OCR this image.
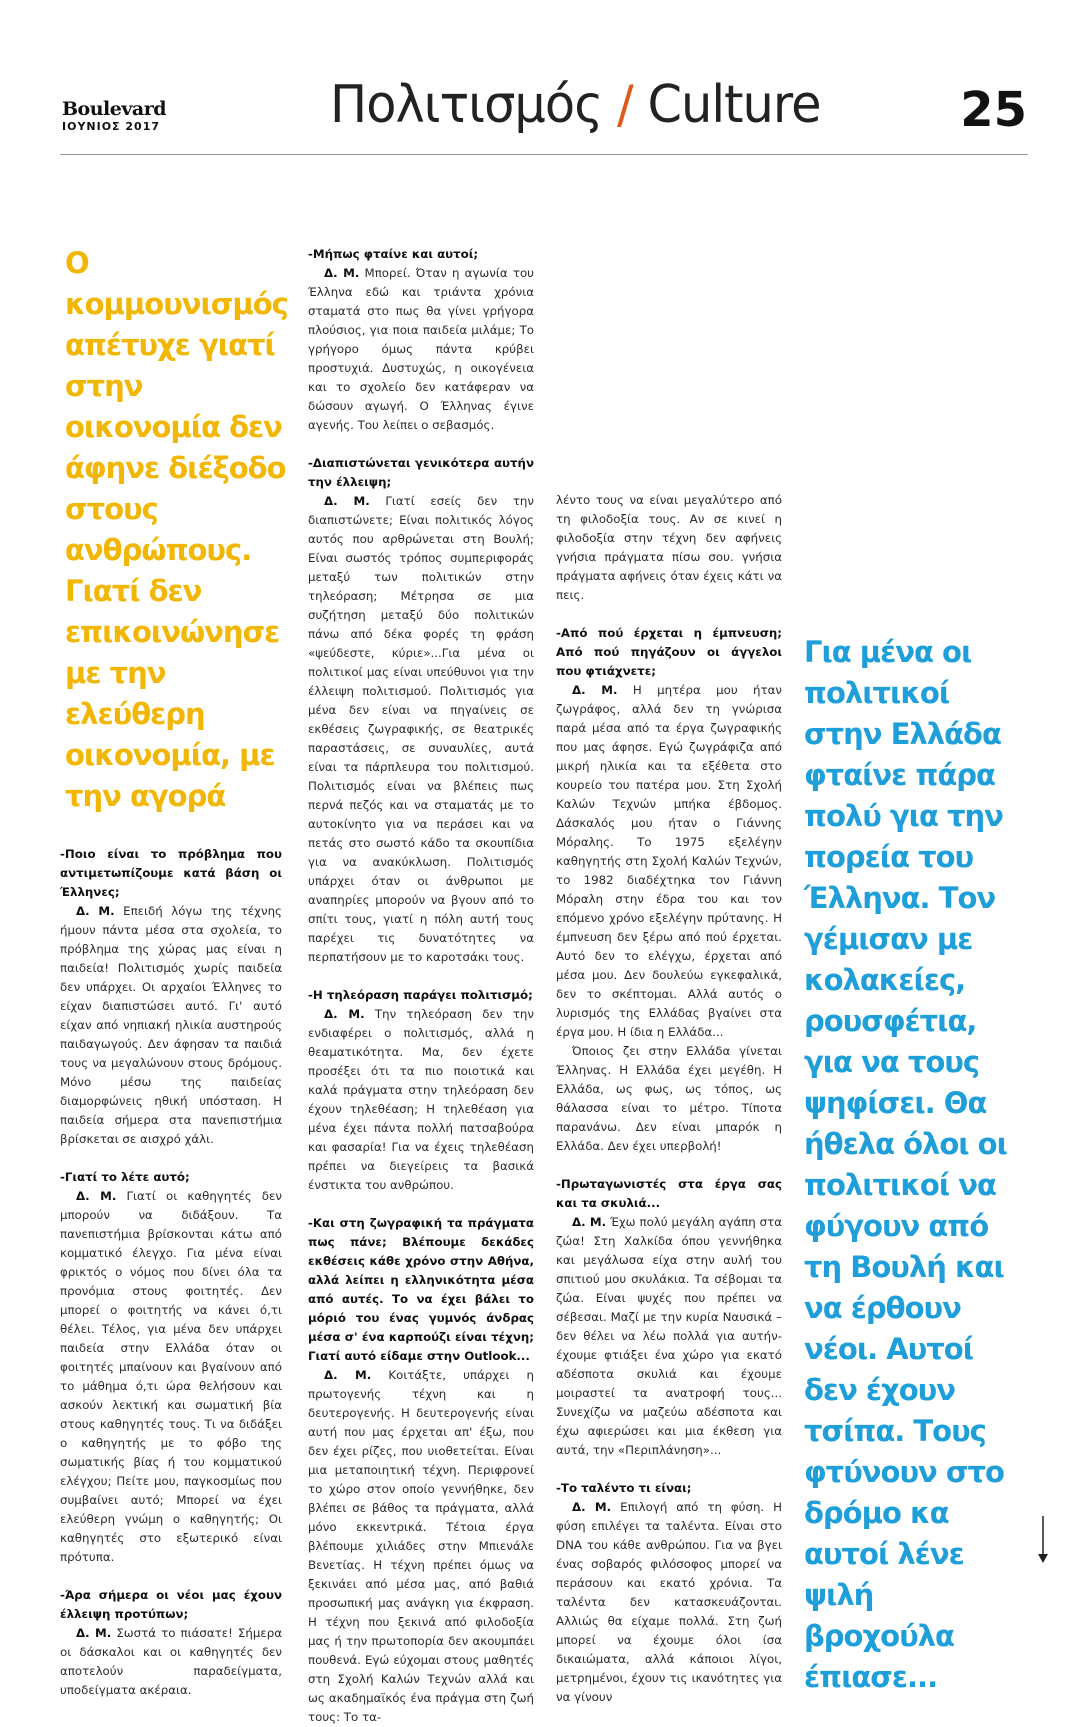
Boulevard
ΙΟΥΝΙΟΣ 2017	Πολιτισμός / Culture	25
Ο κομμουνισμός απέτυχε γιατί στην οικονομία δεν άφηνε διέξοδο στους ανθρώπους. Γιατί δεν επικοινώνησε με την ελεύθερη οικονομία, με την αγορά
Για μένα οι πολιτικοί στην Ελλάδα φταίνε πάρα πολύ για την πορεία του Έλληνα. Τον γέμισαν με κολακείες, ρουσφέτια, για να τους ψηφίσει. Θα ήθελα όλοι οι πολιτικοί να φύγουν από τη Βουλή και να έρθουν νέοι. Αυτοί δεν έχουν τσίπα. Τους φτύνουν στο δρόμο κα αυτοί λένε ψιλή βροχούλα έπιασε...

-Ποιο είναι το πρόβλημα που αντιμετωπίζουμε κατά βάση οι Έλληνες;

Δ. Μ. Επειδή λόγω της τέχνης ήμουν πάντα μέσα στα σχολεία, το πρόβλημα της χώρας μας είναι η παιδεία! Πολιτισμός χωρίς παιδεία δεν υπάρχει. Οι αρχαίοι Έλληνες το είχαν διαπιστώσει αυτό. Γι' αυτό είχαν από νηπιακή ηλικία αυστηρούς παιδαγωγούς. Δεν άφησαν τα παιδιά τους να μεγαλώνουν στους δρόμους. Μόνο μέσω της παιδείας διαμορφώνεις ηθική υπόσταση. Η παιδεία σήμερα στα πανεπιστήμια βρίσκεται σε αισχρό χάλι.

-Γιατί το λέτε αυτό;

Δ. Μ. Γιατί οι καθηγητές δεν μπορούν να διδάξουν. Τα πανεπιστήμια βρίσκονται κάτω από κομματικό έλεγχο. Για μένα είναι φρικτός ο νόμος που δίνει όλα τα προνόμια στους φοιτητές. Δεν μπορεί ο φοιτητής να κάνει ό,τι θέλει. Τέλος, για μένα δεν υπάρχει παιδεία στην Ελλάδα όταν οι φοιτητές μπαίνουν και βγαίνουν από το μάθημα ό,τι ώρα θελήσουν και ασκούν λεκτική και σωματική βία στους καθηγητές τους. Τι να διδάξει ο καθηγητής με το φόβο της σωματικής βίας ή του κομματικού ελέγχου; Πείτε μου, παγκοσμίως που συμβαίνει αυτό; Μπορεί να έχει ελεύθερη γνώμη ο καθηγητής; Οι καθηγητές στο εξωτερικό είναι πρότυπα.

-Άρα σήμερα οι νέοι μας έχουν έλλειψη προτύπων;

Δ. Μ. Σωστά το πιάσατε! Σήμερα οι δάσκαλοι και οι καθηγητές δεν αποτελούν παραδείγματα, υποδείγματα ακέραια.

-Μήπως φταίνε και αυτοί;

Δ. Μ. Μπορεί. Όταν η αγωνία του Έλληνα εδώ και τριάντα χρόνια σταματά στο πως θα γίνει γρήγορα πλούσιος, για ποια παιδεία μιλάμε; Το γρήγορο όμως πάντα κρύβει προστυχιά. Δυστυχώς, η οικογένεια και το σχολείο δεν κατάφεραν να δώσουν αγωγή. Ο Έλληνας έγινε αγενής. Του λείπει ο σεβασμός.

-Διαπιστώνεται γενικότερα αυτήν την έλλειψη;

Δ. Μ. Γιατί εσείς δεν την διαπιστώνετε; Είναι πολιτικός λόγος αυτός που αρθρώνεται στη Βουλή; Είναι σωστός τρόπος συμπεριφοράς μεταξύ των πολιτικών στην τηλεόραση; Μέτρησα σε μια συζήτηση μεταξύ δύο πολιτικών πάνω από δέκα φορές τη φράση «ψεύδεστε, κύριε»...Για μένα οι πολιτικοί μας είναι υπεύθυνοι για την έλλειψη πολιτισμού. Πολιτισμός για μένα δεν είναι να πηγαίνεις σε εκθέσεις ζωγραφικής, σε θεατρικές παραστάσεις, σε συναυλίες, αυτά είναι τα πάρπλευρα του πολιτισμού. Πολιτισμός είναι να βλέπεις πως περνά πεζός και να σταματάς με το αυτοκίνητο για να περάσει και να πετάς στο σωστό κάδο τα σκουπίδια για να ανακύκλωση. Πολιτισμός υπάρχει όταν οι άνθρωποι με αναπηρίες μπορούν να βγουν από το σπίτι τους, γιατί η πόλη αυτή τους παρέχει τις δυνατότητες να περπατήσουν με το καροτσάκι τους.

-Η τηλεόραση παράγει πολιτισμό;

Δ. Μ. Την τηλεόραση δεν την ενδιαφέρει ο πολιτισμός, αλλά η θεαματικότητα. Μα, δεν έχετε προσέξει ότι τα πιο ποιοτικά και καλά πράγματα στην τηλεόραση δεν έχουν τηλεθέαση; Η τηλεθέαση για μένα έχει πάντα πολλή πατσαβούρα και φασαρία! Για να έχεις τηλεθέαση πρέπει να διεγείρεις τα βασικά ένστικτα του ανθρώπου.

-Και στη ζωγραφική τα πράγματα πως πάνε; Βλέπουμε δεκάδες εκθέσεις κάθε χρόνο στην Αθήνα, αλλά λείπει η ελληνικότητα μέσα από αυτές. Το να έχει βάλει το μόριό του ένας γυμνός άνδρας μέσα σ' ένα καρπούζι είναι τέχνη; Γιατί αυτό είδαμε στην Outlook...

Δ. Μ. Κοιτάξτε, υπάρχει η πρωτογενής τέχνη και η δευτερογενής. Η δευτερογενής είναι αυτή που μας έρχεται απ' έξω, που δεν έχει ρίζες, που υιοθετείται. Είναι μια μεταποιητική τέχνη. Περιφρονεί το χώρο στον οποίο γεννήθηκε, δεν βλέπει σε βάθος τα πράγματα, αλλά μόνο εκκεντρικά. Τέτοια έργα βλέπουμε χιλιάδες στην Μπιενάλε Βενετίας. Η τέχνη πρέπει όμως να ξεκινάει από μέσα μας, από βαθιά προσωπική μας ανάγκη για έκφραση. Η τέχνη που ξεκινά από φιλοδοξία μας ή την πρωτοπορία δεν ακουμπάει πουθενά. Εγώ εύχομαι στους μαθητές στη Σχολή Καλών Τεχνών αλλά και ως ακαδημαϊκός ένα πράγμα στη ζωή τους: Το τα-

λέντο τους να είναι μεγαλύτερο από τη φιλοδοξία τους. Αν σε κινεί η φιλοδοξία στην τέχνη δεν αφήνεις γνήσια πράγματα πίσω σου. γνήσια πράγματα αφήνεις όταν έχεις κάτι να πεις.

-Από πού έρχεται η έμπνευση; Από πού πηγάζουν οι άγγελοι που φτιάχνετε;

Δ. Μ. Η μητέρα μου ήταν ζωγράφος, αλλά δεν τη γνώρισα παρά μέσα από τα έργα ζωγραφικής που μας άφησε. Εγώ ζωγράφιζα από μικρή ηλικία και τα εξέθετα στο κουρείο του πατέρα μου. Στη Σχολή Καλών Τεχνών μπήκα έβδομος. Δάσκαλός μου ήταν ο Γιάννης Μόραλης. Το 1975 εξελέγην καθηγητής στη Σχολή Καλών Τεχνών, το 1982 διαδέχτηκα τον Γιάννη Μόραλη στην έδρα του και τον επόμενο χρόνο εξελέγην πρύτανης. Η έμπνευση δεν ξέρω από πού έρχεται. Αυτό δεν το ελέγχω, έρχεται από μέσα μου. Δεν δουλεύω εγκεφαλικά, δεν το σκέπτομαι. Αλλά αυτός ο λυρισμός της Ελλάδας βγαίνει στα έργα μου. Η ίδια η Ελλάδα...

Όποιος ζει στην Ελλάδα γίνεται Έλληνας. Η Ελλάδα έχει μεγέθη. Η Ελλάδα, ως φως, ως τόπος, ως θάλασσα είναι το μέτρο. Τίποτα παρανάνω. Δεν είναι μπαρόκ η Ελλάδα. Δεν έχει υπερβολή!

-Πρωταγωνιστές στα έργα σας και τα σκυλιά...

Δ. Μ. Έχω πολύ μεγάλη αγάπη στα ζώα! Στη Χαλκίδα όπου γεννήθηκα και μεγάλωσα είχα στην αυλή του σπιτιού μου σκυλάκια. Τα σέβομαι τα ζώα. Είναι ψυχές που πρέπει να σέβεσαι. Μαζί με την κυρία Ναυσικά –δεν θέλει να λέω πολλά για αυτήν- έχουμε φτιάξει ένα χώρο για εκατό αδέσποτα σκυλιά και έχουμε μοιραστεί τα ανατροφή τους... Συνεχίζω να μαζεύω αδέσποτα και έχω αφιερώσει και μια έκθεση για αυτά, την «Περιπλάνηση»...

-Το ταλέντο τι είναι;

Δ. Μ. Επιλογή από τη φύση. Η φύση επιλέγει τα ταλέντα. Είναι στο DNA του κάθε ανθρώπου. Για να βγει ένας σοβαρός φιλόσοφος μπορεί να περάσουν και εκατό χρόνια. Τα ταλέντα δεν κατασκευάζονται. Αλλιώς θα είχαμε πολλά. Στη ζωή μπορεί να έχουμε όλοι ίσα δικαιώματα, αλλά κάποιοι λίγοι, μετρημένοι, έχουν τις ικανότητες για να γίνουν
